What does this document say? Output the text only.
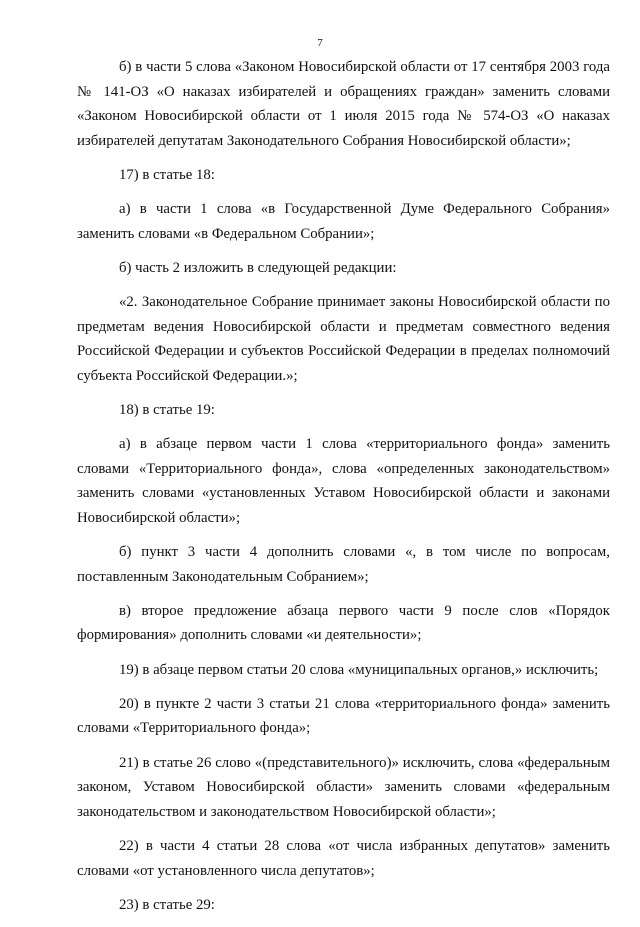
7

б) в части 5 слова «Законом Новосибирской области от 17 сентября 2003 года № 141-ОЗ «О наказах избирателей и обращениях граждан» заменить словами «Законом Новосибирской области от 1 июля 2015 года № 574-ОЗ «О наказах избирателей депутатам Законодательного Собрания Новосибирской области»;

17) в статье 18:

а) в части 1 слова «в Государственной Думе Федерального Собрания» заменить словами «в Федеральном Собрании»;

б) часть 2 изложить в следующей редакции:

«2. Законодательное Собрание принимает законы Новосибирской области по предметам ведения Новосибирской области и предметам совместного ведения Российской Федерации и субъектов Российской Федерации в пределах полномочий субъекта Российской Федерации.»;

18) в статье 19:

а) в абзаце первом части 1 слова «территориального фонда» заменить словами «Территориального фонда», слова «определенных законодательством» заменить словами «установленных Уставом Новосибирской области и законами Новосибирской области»;

б) пункт 3 части 4 дополнить словами «, в том числе по вопросам, поставленным Законодательным Собранием»;

в) второе предложение абзаца первого части 9 после слов «Порядок формирования» дополнить словами «и деятельности»;

19) в абзаце первом статьи 20 слова «муниципальных органов,» исключить;

20) в пункте 2 части 3 статьи 21 слова «территориального фонда» заменить словами «Территориального фонда»;

21) в статье 26 слово «(представительного)» исключить, слова «федеральным законом, Уставом Новосибирской области» заменить словами «федеральным законодательством и законодательством Новосибирской области»;

22) в части 4 статьи 28 слова «от числа избранных депутатов» заменить словами «от установленного числа депутатов»;

23) в статье 29:
